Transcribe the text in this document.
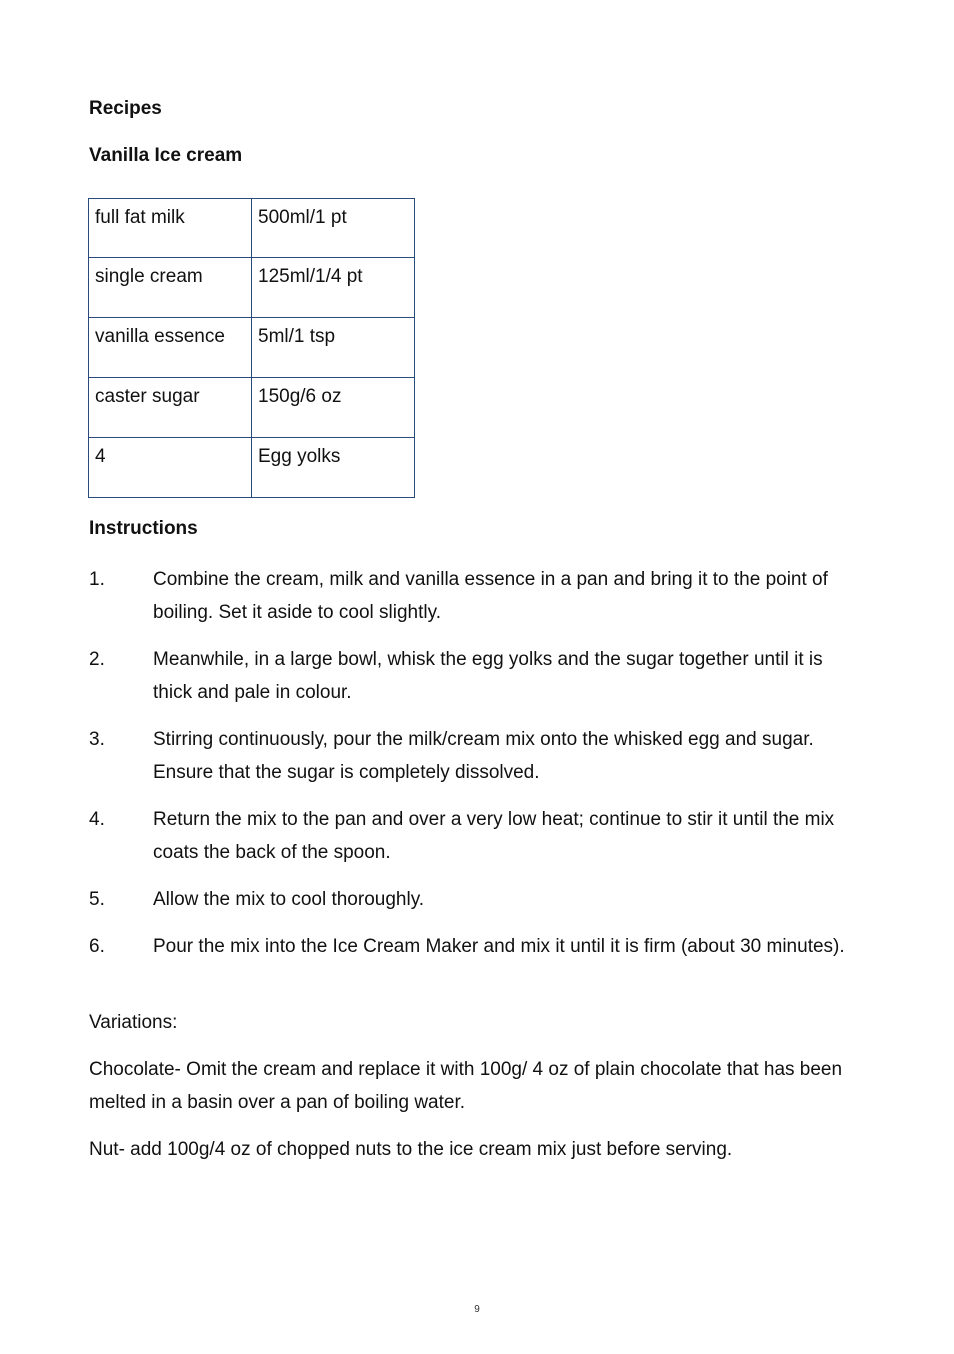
Recipes
Vanilla Ice cream
full fat milk	500ml/1 pt
single cream	125ml/1/4 pt
vanilla essence	5ml/1 tsp
caster sugar	150g/6 oz
4	Egg yolks
Instructions
1.	Combine the cream, milk and vanilla essence in a pan and bring it to the point of boiling. Set it aside to cool slightly.
2.	Meanwhile, in a large bowl, whisk the egg yolks and the sugar together until it is thick and pale in colour.
3.	Stirring continuously, pour the milk/cream mix onto the whisked egg and sugar. Ensure that the sugar is completely dissolved.
4.	Return the mix to the pan and over a very low heat; continue to stir it until the mix coats the back of the spoon.
5.	Allow the mix to cool thoroughly.
6.	Pour the mix into the Ice Cream Maker and mix it until it is firm (about 30 minutes).
Variations:
Chocolate- Omit the cream and replace it with 100g/ 4 oz of plain chocolate that has been melted in a basin over a pan of boiling water.
Nut- add 100g/4 oz of chopped nuts to the ice cream mix just before serving.
9
